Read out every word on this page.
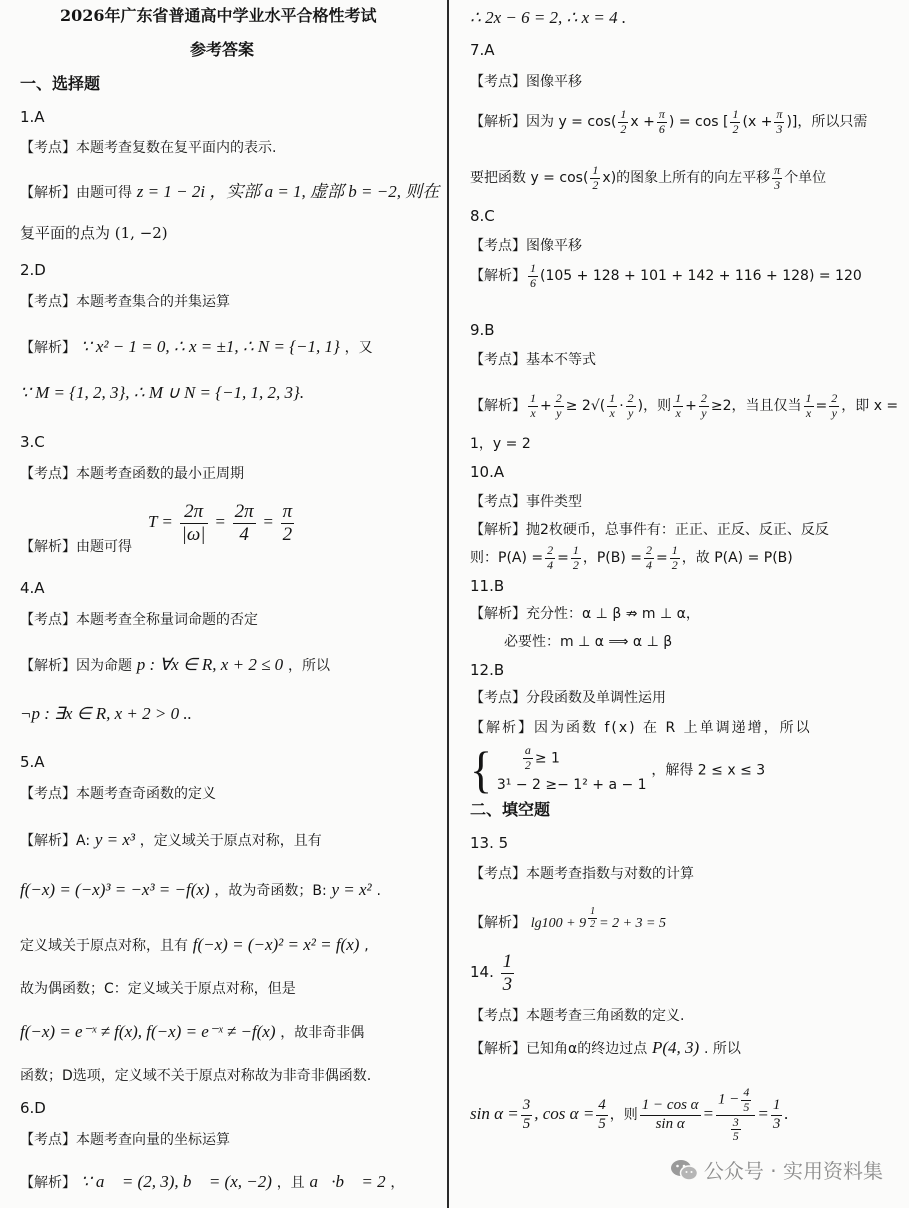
2026年广东省普通高中学业水平合格性考试
参考答案
一、选择题
1.A
【考点】本题考查复数在复平面内的表示.
【解析】由题可得 z = 1 − 2i ，实部 a = 1, 虚部 b = −2, 则在
复平面的点为 (1, −2)
2.D
【考点】本题考查集合的并集运算
【解析】 ∵ x² − 1 = 0, ∴ x = ±1, ∴ N = {−1, 1} ，又
∵ M = {1, 2, 3}, ∴ M ∪ N = {−1, 1, 2, 3}.
3.C
【考点】本题考查函数的最小正周期
【解析】由题可得
$T = \frac{2\pi}{|\omega|} = \frac{2\pi}{4} = \frac{\pi}{2}$
4.A
【考点】本题考查全称量词命题的否定
【解析】因为命题 p : ∀x ∈ R, x + 2 ≤ 0 ，所以
¬p : ∃x ∈ R, x + 2 > 0 ..
5.A
【考点】本题考查奇函数的定义
【解析】A: y = x³ ，定义域关于原点对称，且有
f(−x) = (−x)³ = −x³ = −f(x) ，故为奇函数；B: y = x² .
定义域关于原点对称，且有 f(−x) = (−x)² = x² = f(x) ,
故为偶函数；C：定义域关于原点对称，但是
f(−x) = e⁻ˣ ≠ f(x), f(−x) = e⁻ˣ ≠ −f(x) ，故非奇非偶
函数；D选项，定义域不关于原点对称故为非奇非偶函数.
6.D
【考点】本题考查向量的坐标运算
【解析】 ∵ a⃗ = (2, 3), b⃗ = (x, −2) ，且 a⃗·b⃗ = 2 ，
∴ 2x − 6 = 2, ∴ x = 4 .
7.A
【考点】图像平移
【解析】因为 $y = \cos( \frac{1}{2}$ $x + \frac{\pi}{6}$ ) = cos [ $\frac{1}{2} (x + \frac{\pi}{3}$ )]，所以只需
要把函数 $y = \cos( \frac{1}{2} x)$的图象上所有的向左平移 $\frac{\pi}{3}$ 个单位
8.C
【考点】图像平移
【解析】 $\frac{1}{6} (105 + 128 + 101 + 142 + 116 + 128) = 120$
9.B
【考点】基本不等式
【解析】 $\frac{1}{x} + \frac{2}{y} \ge 2√( \frac{1}{x} \cdot \frac{2}{y}$ )，则 $\frac{1}{x} + \frac{2}{y} \ge 2$，当且仅当 $\frac{1}{x} = \frac{2}{y}$ ，即 x =
1，y = 2
10.A
【考点】事件类型
【解析】抛2枚硬币，总事件有：正正、正反、反正、反反
则：$P(A) = \frac{2}{4} = \frac{1}{2}$ ，$P(B) = \frac{2}{4} = \frac{1}{2}$ ，故 P(A) = P(B)
11.B
【解析】充分性：α ⊥ β ⇏ m ⊥ α，
必要性：m ⊥ α ⟹ α ⊥ β
12.B
【考点】分段函数及单调性运用
【解析】因为函数 f(x) 在 R 上单调递增，所以
{	$\frac{a}{2} \ge 1$
3¹ − 2 ≥− 1² + a − 1
，解得 2 ≤ x ≤ 3
二、填空题
13. 5
【考点】本题考查指数与对数的计算
【解析】 lg100 + 9 $^{\frac{1}{2}}$ = 2 + 3 = 5
14. $\frac{1}{3}$
【考点】本题考查三角函数的定义.
【解析】已知角α的终边过点 P(4, 3) . 所以
$\sin \alpha = \frac{3}{5}$ , $\cos \alpha = \frac{4}{5}$ ，则 $\frac{\text{1 − cos α}}{\text{sin α}} = \frac{1 - \frac{4}{5}}{\frac{3}{5}} = \frac{1}{3}$ .
公众号 · 实用资料集
